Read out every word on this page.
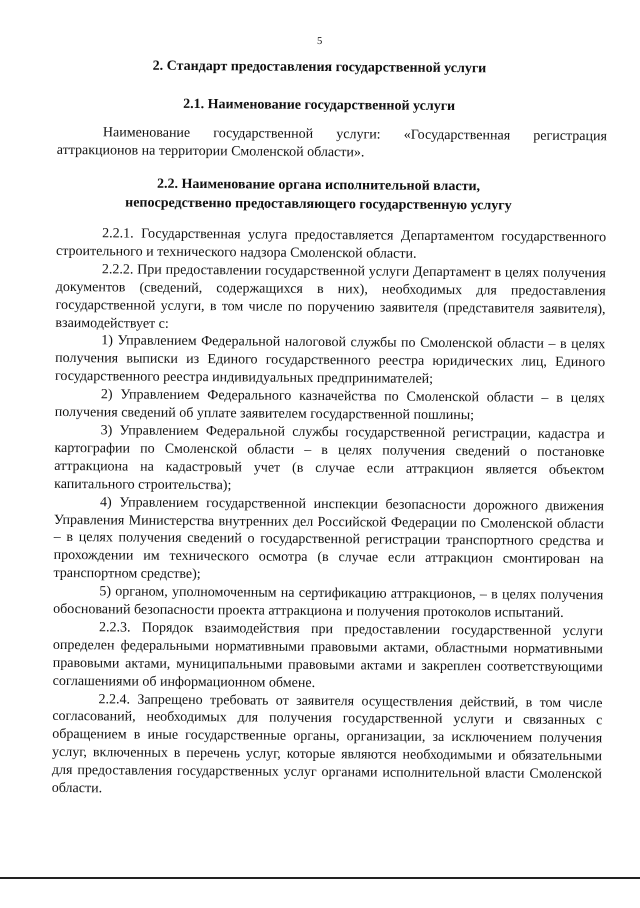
5
2. Стандарт предоставления государственной услуги
2.1. Наименование государственной услуги

Наименование государственной услуги: «Государственная регистрация аттракционов на территории Смоленской области».

2.2. Наименование органа исполнительной власти, непосредственно предоставляющего государственную услугу

2.2.1. Государственная услуга предоставляется Департаментом государственного строительного и технического надзора Смоленской области.

2.2.2. При предоставлении государственной услуги Департамент в целях получения документов (сведений, содержащихся в них), необходимых для предоставления государственной услуги, в том числе по поручению заявителя (представителя заявителя), взаимодействует с:

1) Управлением Федеральной налоговой службы по Смоленской области – в целях получения выписки из Единого государственного реестра юридических лиц, Единого государственного реестра индивидуальных предпринимателей;

2) Управлением Федерального казначейства по Смоленской области – в целях получения сведений об уплате заявителем государственной пошлины;

3) Управлением Федеральной службы государственной регистрации, кадастра и картографии по Смоленской области – в целях получения сведений о постановке аттракциона на кадастровый учет (в случае если аттракцион является объектом капитального строительства);

4) Управлением государственной инспекции безопасности дорожного движения Управления Министерства внутренних дел Российской Федерации по Смоленской области – в целях получения сведений о государственной регистрации транспортного средства и прохождении им технического осмотра (в случае если аттракцион смонтирован на транспортном средстве);

5) органом, уполномоченным на сертификацию аттракционов, – в целях получения обоснований безопасности проекта аттракциона и получения протоколов испытаний.

2.2.3. Порядок взаимодействия при предоставлении государственной услуги определен федеральными нормативными правовыми актами, областными нормативными правовыми актами, муниципальными правовыми актами и закреплен соответствующими соглашениями об информационном обмене.

2.2.4. Запрещено требовать от заявителя осуществления действий, в том числе согласований, необходимых для получения государственной услуги и связанных с обращением в иные государственные органы, организации, за исключением получения услуг, включенных в перечень услуг, которые являются необходимыми и обязательными для предоставления государственных услуг органами исполнительной власти Смоленской области.
